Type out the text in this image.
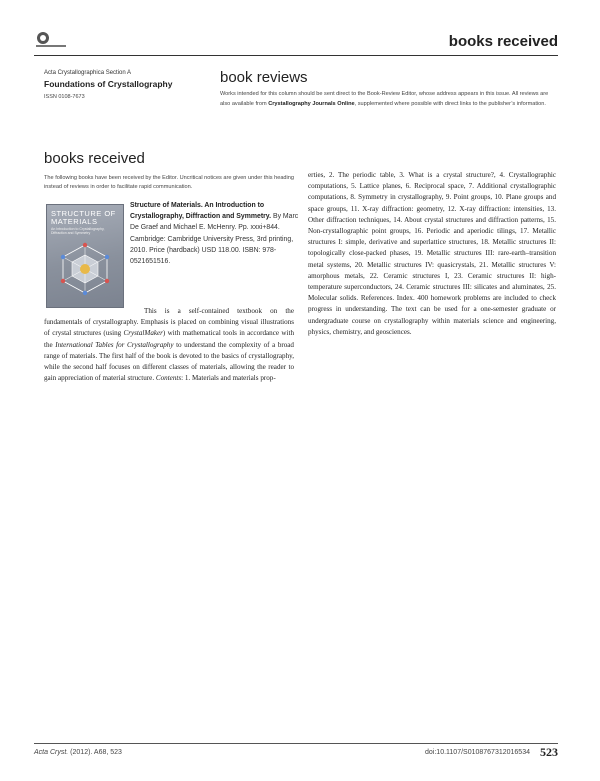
books received
Acta Crystallographica Section A
Foundations of Crystallography
ISSN 0108-7673
book reviews
Works intended for this column should be sent direct to the Book-Review Editor, whose address appears in this issue. All reviews are also available from Crystallography Journals Online, supplemented where possible with direct links to the publisher’s information.
books received
The following books have been received by the Editor. Uncritical notices are given under this heading instead of reviews in order to facilitate rapid communication.
STRUCTURE OF MATERIALS
An Introduction to Crystallography, Diffraction and Symmetry
Structure of Materials. An Introduction to Crystallography, Diffraction and Symmetry. By Marc De Graef and Michael E. McHenry. Pp. xxxi+844. Cambridge: Cambridge University Press, 3rd printing, 2010. Price (hardback) USD 118.00. ISBN: 978-0521651516.

This is a self-contained textbook on the fundamentals of crystallography. Emphasis is placed on combining visual illustrations of crystal structures (using CrystalMaker) with mathematical tools in accordance with the International Tables for Crystallography to understand the complexity of a broad range of materials. The first half of the book is devoted to the basics of crystallography, while the second half focuses on different classes of materials, allowing the reader to gain appreciation of material structure. Contents: 1. Materials and materials prop-

erties, 2. The periodic table, 3. What is a crystal structure?, 4. Crystallographic computations, 5. Lattice planes, 6. Reciprocal space, 7. Additional crystallographic computations, 8. Symmetry in crystallography, 9. Point groups, 10. Plane groups and space groups, 11. X-ray diffraction: geometry, 12. X-ray diffraction: intensities, 13. Other diffraction techniques, 14. About crystal structures and diffraction patterns, 15. Non-crystallographic point groups, 16. Periodic and aperiodic tilings, 17. Metallic structures I: simple, derivative and superlattice structures, 18. Metallic structures II: topologically close-packed phases, 19. Metallic structures III: rare-earth–transition metal systems, 20. Metallic structures IV: quasicrystals, 21. Metallic structures V: amorphous metals, 22. Ceramic structures I, 23. Ceramic structures II: high-temperature superconductors, 24. Ceramic structures III: silicates and aluminates, 25. Molecular solids. References. Index. 400 homework problems are included to check progress in understanding. The text can be used for a one-semester graduate or undergraduate course on crystallography within materials science and engineering, physics, chemistry, and geosciences.

Acta Cryst. (2012). A68, 523	doi:10.1107/S0108767312016534 523
